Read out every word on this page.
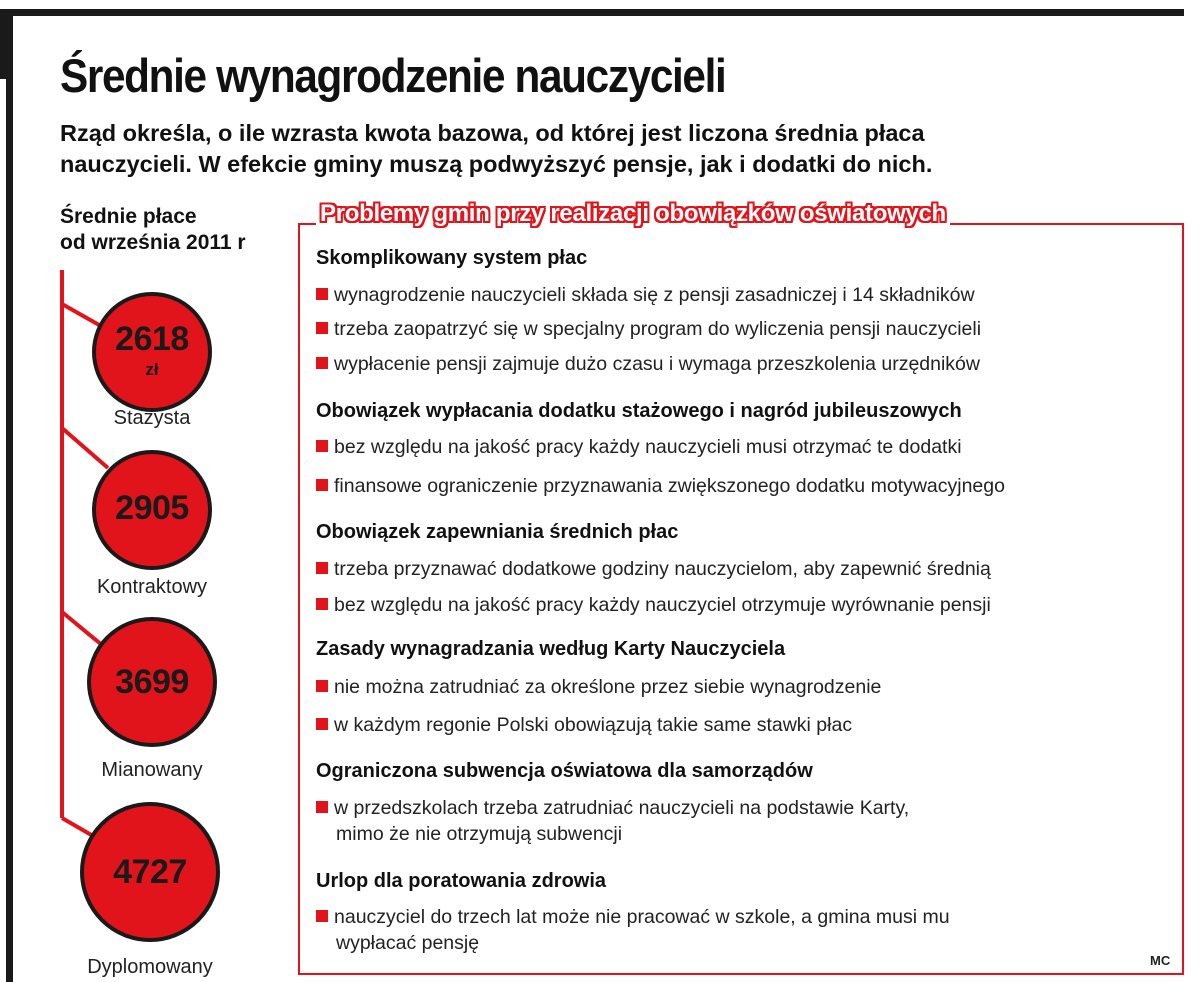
Średnie wynagrodzenie nauczycieli
Rząd określa, o ile wzrasta kwota bazowa, od której jest liczona średnia płaca
nauczycieli. W efekcie gminy muszą podwyższyć pensje, jak i dodatki do nich.
Średnie płace
od września 2011 r
2618
zł
Stażysta
2905
Kontraktowy
3699
Mianowany
4727
Dyplomowany
Problemy gmin przy realizacji obowiązków oświatowych
Skomplikowany system płac
wynagrodzenie nauczycieli składa się z pensji zasadniczej i 14 składników
trzeba zaopatrzyć się w specjalny program do wyliczenia pensji nauczycieli
wypłacenie pensji zajmuje dużo czasu i wymaga przeszkolenia urzędników
Obowiązek wypłacania dodatku stażowego i nagród jubileuszowych
bez względu na jakość pracy każdy nauczycieli musi otrzymać te dodatki
finansowe ograniczenie przyznawania zwiększonego dodatku motywacyjnego
Obowiązek zapewniania średnich płac
trzeba przyznawać dodatkowe godziny nauczycielom, aby zapewnić średnią
bez względu na jakość pracy każdy nauczyciel otrzymuje wyrównanie pensji
Zasady wynagradzania według Karty Nauczyciela
nie można zatrudniać za określone przez siebie wynagrodzenie
w każdym regonie Polski obowiązują takie same stawki płac
Ograniczona subwencja oświatowa dla samorządów
w przedszkolach trzeba zatrudniać nauczycieli na podstawie Karty,
mimo że nie otrzymują subwencji
Urlop dla poratowania zdrowia
nauczyciel do trzech lat może nie pracować w szkole, a gmina musi mu
wypłacać pensję
MC
